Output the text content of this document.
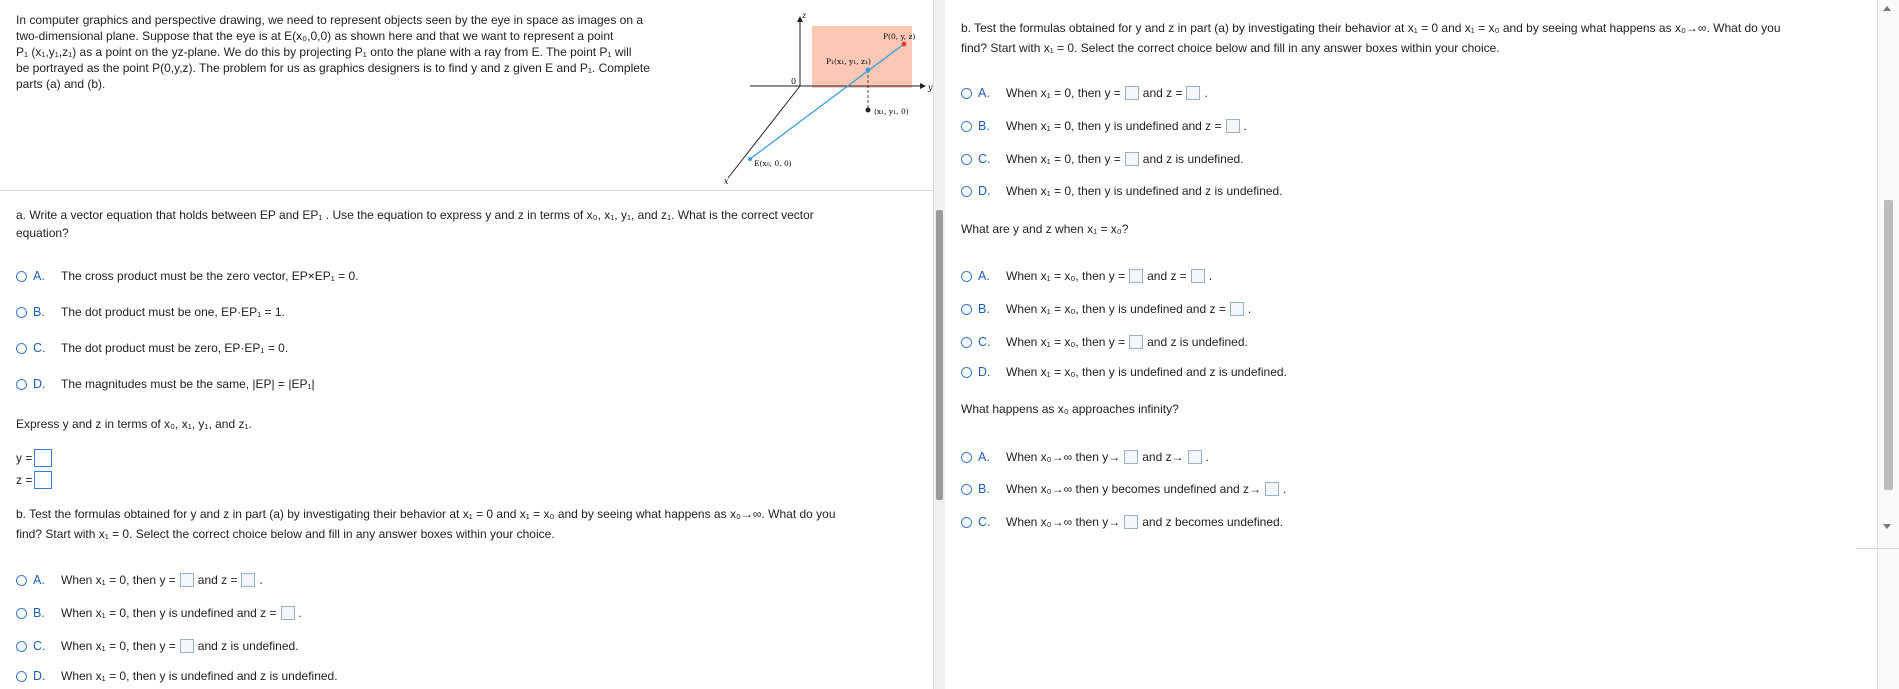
In computer graphics and perspective drawing, we need to represent objects seen by the eye in space as images on a
two-dimensional plane. Suppose that the eye is at E(x₀,0,0) as shown here and that we want to represent a point
P₁ (x₁,y₁,z₁) as a point on the yz-plane. We do this by projecting P₁ onto the plane with a ray from E. The point P₁ will
be portrayed as the point P(0,y,z). The problem for us as graphics designers is to find y and z given E and P₁. Complete
parts (a) and (b).
z
y
x
0
P(0, y, z)
P₁(x₁, y₁, z₁)
(x₁, y₁, 0)
E(x₀, 0, 0)
a. Write a vector equation that holds between EP and EP₁ . Use the equation to express y and z in terms of x₀, x₁, y₁, and z₁. What is the correct vector
equation?
A.	The cross product must be the zero vector, EP×EP₁ = 0.
B.	The dot product must be one, EP·EP₁ = 1.
C. The dot product must be zero, EP·EP₁ = 0.
D. The magnitudes must be the same, |EP| = |EP₁|
Express y and z in terms of x₀, x₁, y₁, and z₁.
y =
z =
b. Test the formulas obtained for y and z in part (a) by investigating their behavior at x₁ = 0 and x₁ = x₀ and by seeing what happens as x₀→∞. What do you
find? Start with x₁ = 0. Select the correct choice below and fill in any answer boxes within your choice.
A.	When x₁ = 0, then y = and z = .
B.	When x₁ = 0, then y is undefined and z = .
C. When x₁ = 0, then y = and z is undefined.
D. When x₁ = 0, then y is undefined and z is undefined.
b. Test the formulas obtained for y and z in part (a) by investigating their behavior at x₁ = 0 and x₁ = x₀ and by seeing what happens as x₀→∞. What do you
find? Start with x₁ = 0. Select the correct choice below and fill in any answer boxes within your choice.
A.	When x₁ = 0, then y = and z = .
B.	When x₁ = 0, then y is undefined and z = .
C. When x₁ = 0, then y = and z is undefined.
D. When x₁ = 0, then y is undefined and z is undefined.
What are y and z when x₁ = x₀?
A.	When x₁ = x₀, then y = and z = .
B.	When x₁ = x₀, then y is undefined and z = .
C. When x₁ = x₀, then y = and z is undefined.
D. When x₁ = x₀, then y is undefined and z is undefined.
What happens as x₀ approaches infinity?
A.	When x₀→∞ then y→ and z→ .
B.	When x₀→∞ then y becomes undefined and z→ .
C. When x₀→∞ then y→ and z becomes undefined.
